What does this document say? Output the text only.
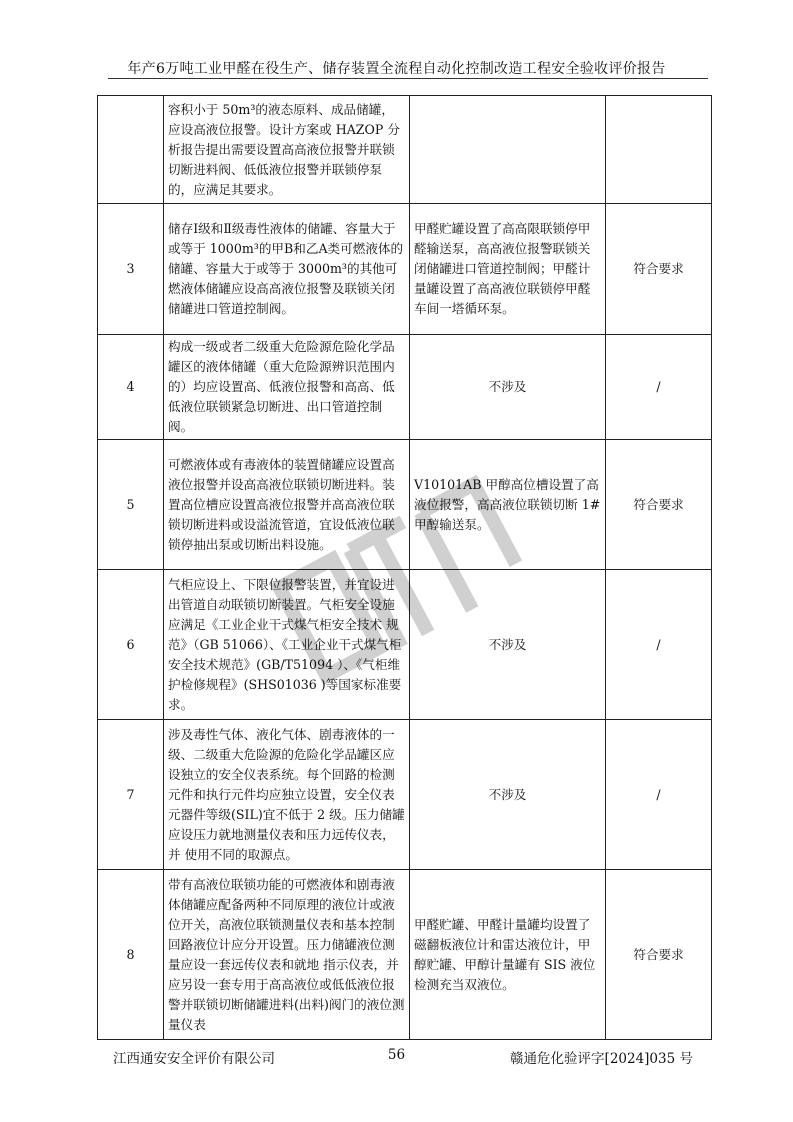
年产6万吨工业甲醛在役生产、储存装置全流程自动化控制改造工程安全验收评价报告
	容积小于 50m³的液态原料、成品储罐，应设高液位报警。设计方案或 HAZOP 分析报告提出需要设置高高液位报警并联锁切断进料阀、低低液位报警并联锁停泵的，应满足其要求。		
3	储存Ⅰ级和Ⅱ级毒性液体的储罐、容量大于或等于 1000m³的甲B和乙A类可燃液体的储罐、容量大于或等于 3000m³的其他可燃液体储罐应设高高液位报警及联锁关闭储罐进口管道控制阀。	甲醛贮罐设置了高高限联锁停甲醛输送泵，高高液位报警联锁关闭储罐进口管道控制阀；甲醛计量罐设置了高高液位联锁停甲醛车间一塔循环泵。	符合要求
4	构成一级或者二级重大危险源危险化学品罐区的液体储罐（重大危险源辨识范围内的）均应设置高、低液位报警和高高、低低液位联锁紧急切断进、出口管道控制阀。	不涉及	/
5	可燃液体或有毒液体的装置储罐应设置高液位报警并设高高液位联锁切断进料。装置高位槽应设置高液位报警并高高液位联锁切断进料或设溢流管道，宜设低液位联锁停抽出泵或切断出料设施。	V10101AB 甲醇高位槽设置了高液位报警，高高液位联锁切断 1#甲醇输送泵。	符合要求
6	气柜应设上、下限位报警装置，并宜设进出管道自动联锁切断装置。气柜安全设施应满足《工业企业干式煤气柜安全技术 规范》（GB 51066）、《工业企业干式煤气柜安全技术规范》(GB/T51094 ）、《气柜维护检修规程》(SHS01036 )等国家标准要求。	不涉及	/
7	涉及毒性气体、液化气体、剧毒液体的一级、二级重大危险源的危险化学品罐区应设独立的安全仪表系统。每个回路的检测元件和执行元件均应独立设置，安全仪表元器件等级(SIL)宜不低于 2 级。压力储罐应设压力就地测量仪表和压力远传仪表，并 使用不同的取源点。	不涉及	/
8	带有高液位联锁功能的可燃液体和剧毒液体储罐应配备两种不同原理的液位计或液位开关，高液位联锁测量仪表和基本控制回路液位计应分开设置。压力储罐液位测量应设一套远传仪表和就地 指示仪表，并应另设一套专用于高高液位或低低液位报警并联锁切断储罐进料(出料)阀门的液位测量仪表	甲醛贮罐、甲醛计量罐均设置了磁翻板液位计和雷达液位计，甲醇贮罐、甲醇计量罐有 SIS 液位检测充当双液位。	符合要求
江西通安安全评价有限公司	56	赣通危化验评字[2024]035 号
